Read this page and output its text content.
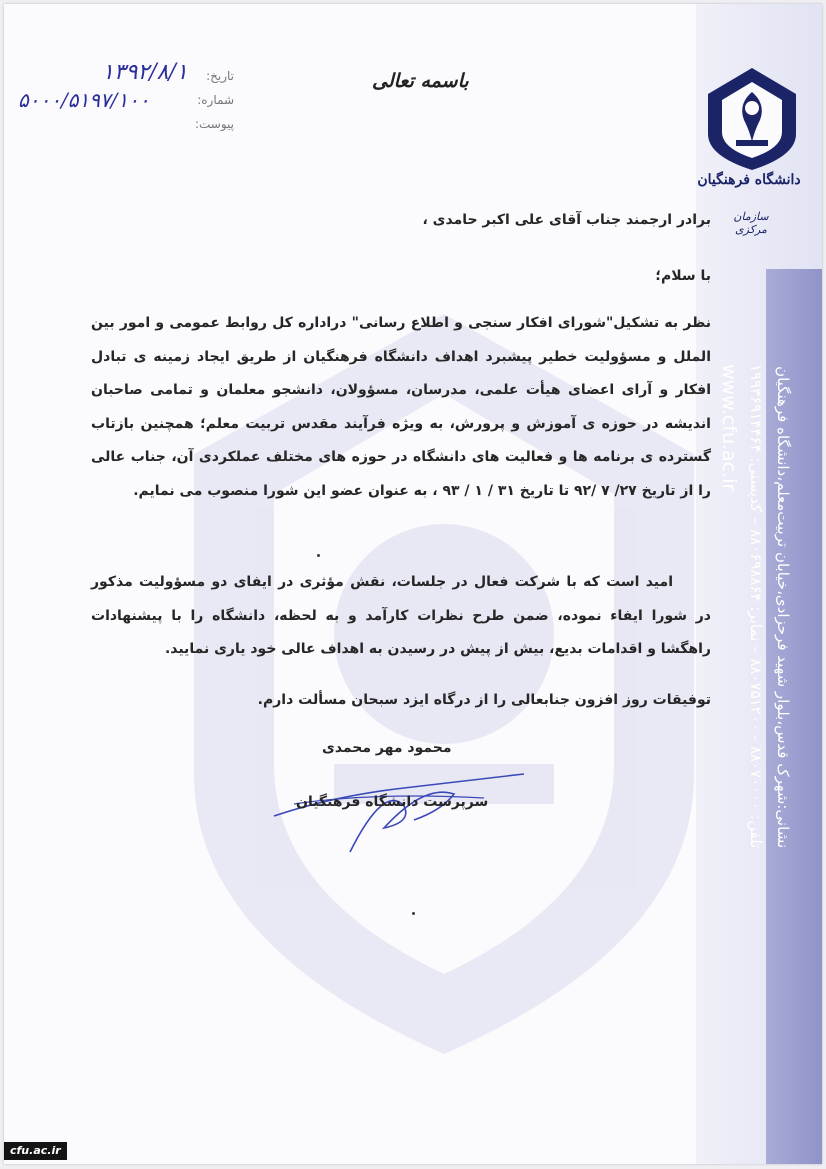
نشانی:شهرک قدس،بلوار شهید فرحزادی،خیابان تربیت‌معلم،دانشگاه فرهنگیان
تلفن: ۸۸۰۷۰۰۰۰ - ۸۸۰۷۵۱۲۰۰ – نمابر: ۸۸۰۶۹۸۸۶۴ – کدپستی: ۱۹۹۳۶۹۱۴۴۶۴
www.cfu.ac.ir
دانشگاه فرهنگیان
سازمان مرکزی
باسمه تعالی
تاریخ:
شماره:
پیوست:
۱۳۹۲/۸/۱
۵۰۰۰/۵۱۹۷/۱۰۰
برادر ارجمند جناب آقای علی اکبر حامدی ،
با سلام؛

نظر به تشکیل"شورای افکار سنجی و اطلاع رسانی" دراداره کل روابط عمومی و امور بین الملل و مسؤولیت خطیر پیشبرد اهداف دانشگاه فرهنگیان از طریق ایجاد زمینه ی تبادل افکار و آرای اعضای هیأت علمی، مدرسان، مسؤولان، دانشجو معلمان و تمامی صاحبان اندیشه در حوزه ی آموزش و پرورش، به ویژه فرآیند مقدس تربیت معلم؛ همچنین بازتاب گسترده ی برنامه ها و فعالیت های دانشگاه در حوزه های مختلف عملکردی آن، جناب عالی را از تاریخ ۲۷/ ۷ /۹۲ تا تاریخ ۳۱ / ۱ / ۹۳ ، به عنوان عضو این شورا منصوب می نمایم.

امید است که با شرکت فعال در جلسات، نقش مؤثری در ایفای دو مسؤولیت مذکور در شورا ایفاء نموده، ضمن طرح نظرات کارآمد و به لحظه، دانشگاه را با پیشنهادات راهگشا و اقدامات بدیع، بیش از پیش در رسیدن به اهداف عالی خود یاری نمایید.

توفیقات روز افزون جنابعالی را از درگاه ایزد سبحان مسألت دارم.
محمود مهر محمدی
سرپرست دانشگاه فرهنگیان
cfu.ac.ir
